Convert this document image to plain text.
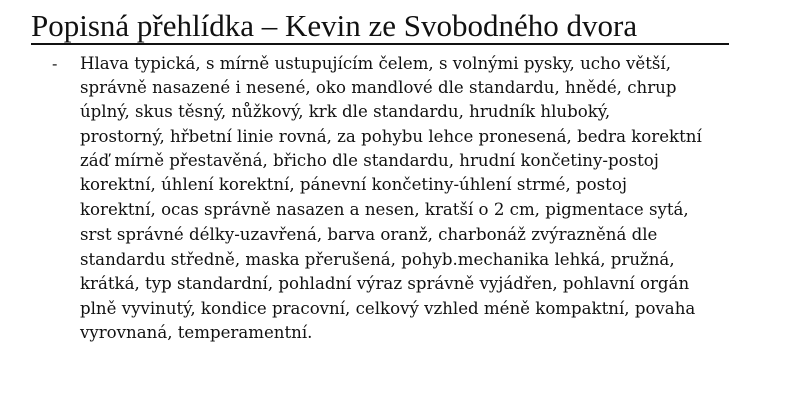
Popisná přehlídka – Kevin ze Svobodného dvora
- Hlava typická, s mírně ustupujícím čelem, s volnými pysky, ucho větší,

správně nasazené i nesené, oko mandlové dle standardu, hnědé, chrup

úplný, skus těsný, nůžkový, krk dle standardu, hrudník hluboký,

prostorný, hřbetní linie rovná, za pohybu lehce pronesená, bedra korektní

záď mírně přestavěná, břicho dle standardu, hrudní končetiny-postoj

korektní, úhlení korektní, pánevní končetiny-úhlení strmé, postoj

korektní, ocas správně nasazen a nesen, kratší o 2 cm, pigmentace sytá,

srst správné délky-uzavřená, barva oranž, charbonáž zvýrazněná dle

standardu středně, maska přerušená, pohyb.mechanika lehká, pružná,

krátká, typ standardní, pohladní výraz správně vyjádřen, pohlavní orgán

plně vyvinutý, kondice pracovní, celkový vzhled méně kompaktní, povaha

vyrovnaná, temperamentní.
